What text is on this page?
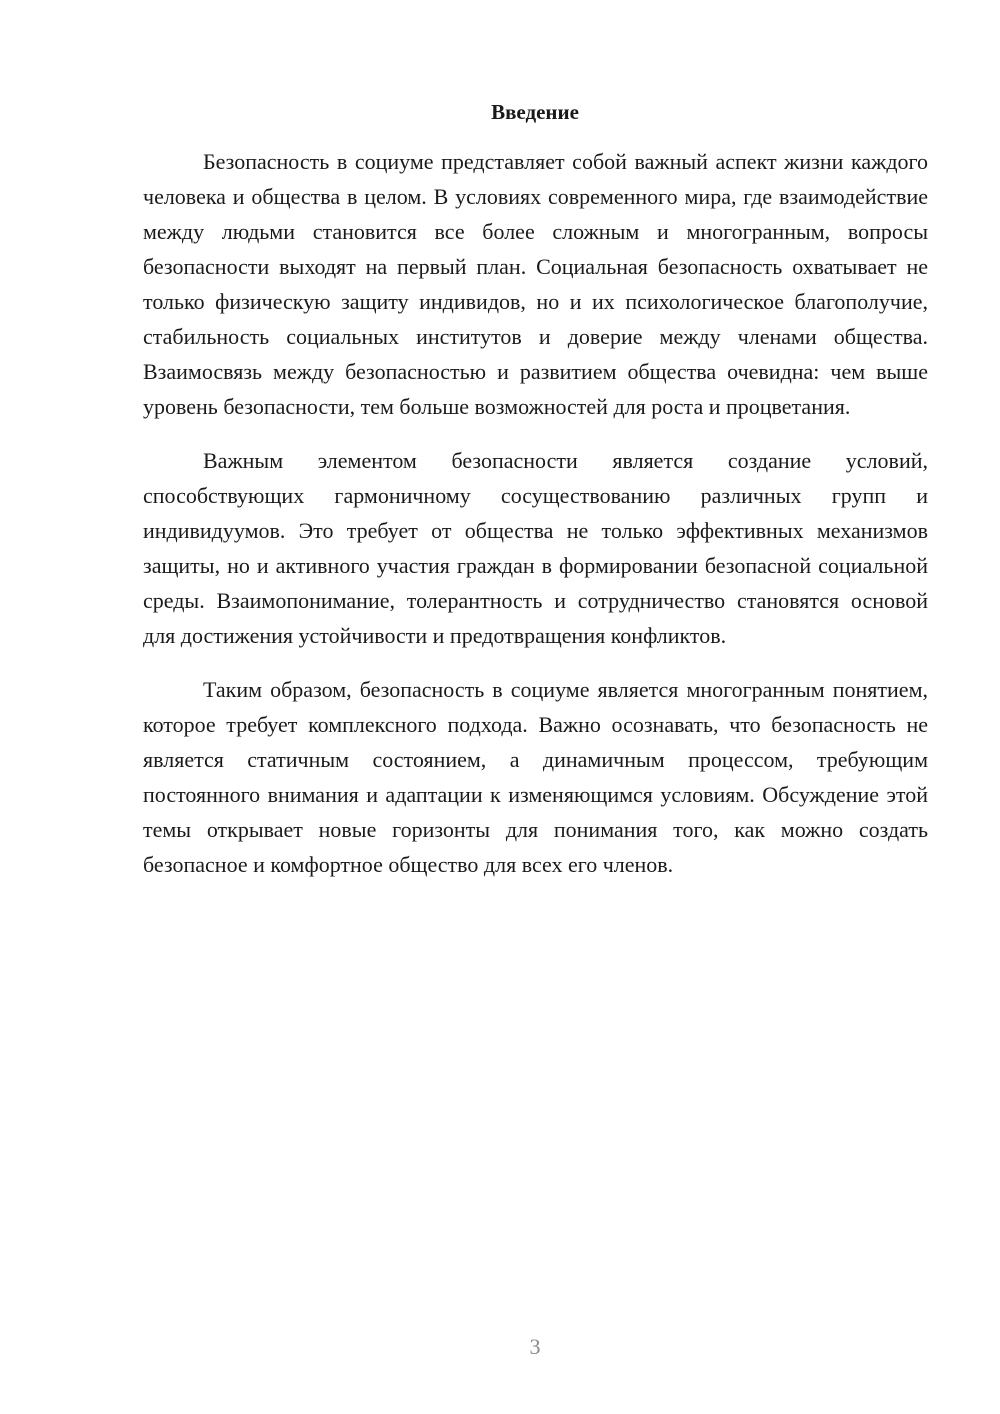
Введение

Безопасность в социуме представляет собой важный аспект жизни каждого человека и общества в целом. В условиях современного мира, где взаимодействие между людьми становится все более сложным и многогранным, вопросы безопасности выходят на первый план. Социальная безопасность охватывает не только физическую защиту индивидов, но и их психологическое благополучие, стабильность социальных институтов и доверие между членами общества. Взаимосвязь между безопасностью и развитием общества очевидна: чем выше уровень безопасности, тем больше возможностей для роста и процветания.

Важным элементом безопасности является создание условий, способствующих гармоничному сосуществованию различных групп и индивидуумов. Это требует от общества не только эффективных механизмов защиты, но и активного участия граждан в формировании безопасной социальной среды. Взаимопонимание, толерантность и сотрудничество становятся основой для достижения устойчивости и предотвращения конфликтов.

Таким образом, безопасность в социуме является многогранным понятием, которое требует комплексного подхода. Важно осознавать, что безопасность не является статичным состоянием, а динамичным процессом, требующим постоянного внимания и адаптации к изменяющимся условиям. Обсуждение этой темы открывает новые горизонты для понимания того, как можно создать безопасное и комфортное общество для всех его членов.

3
